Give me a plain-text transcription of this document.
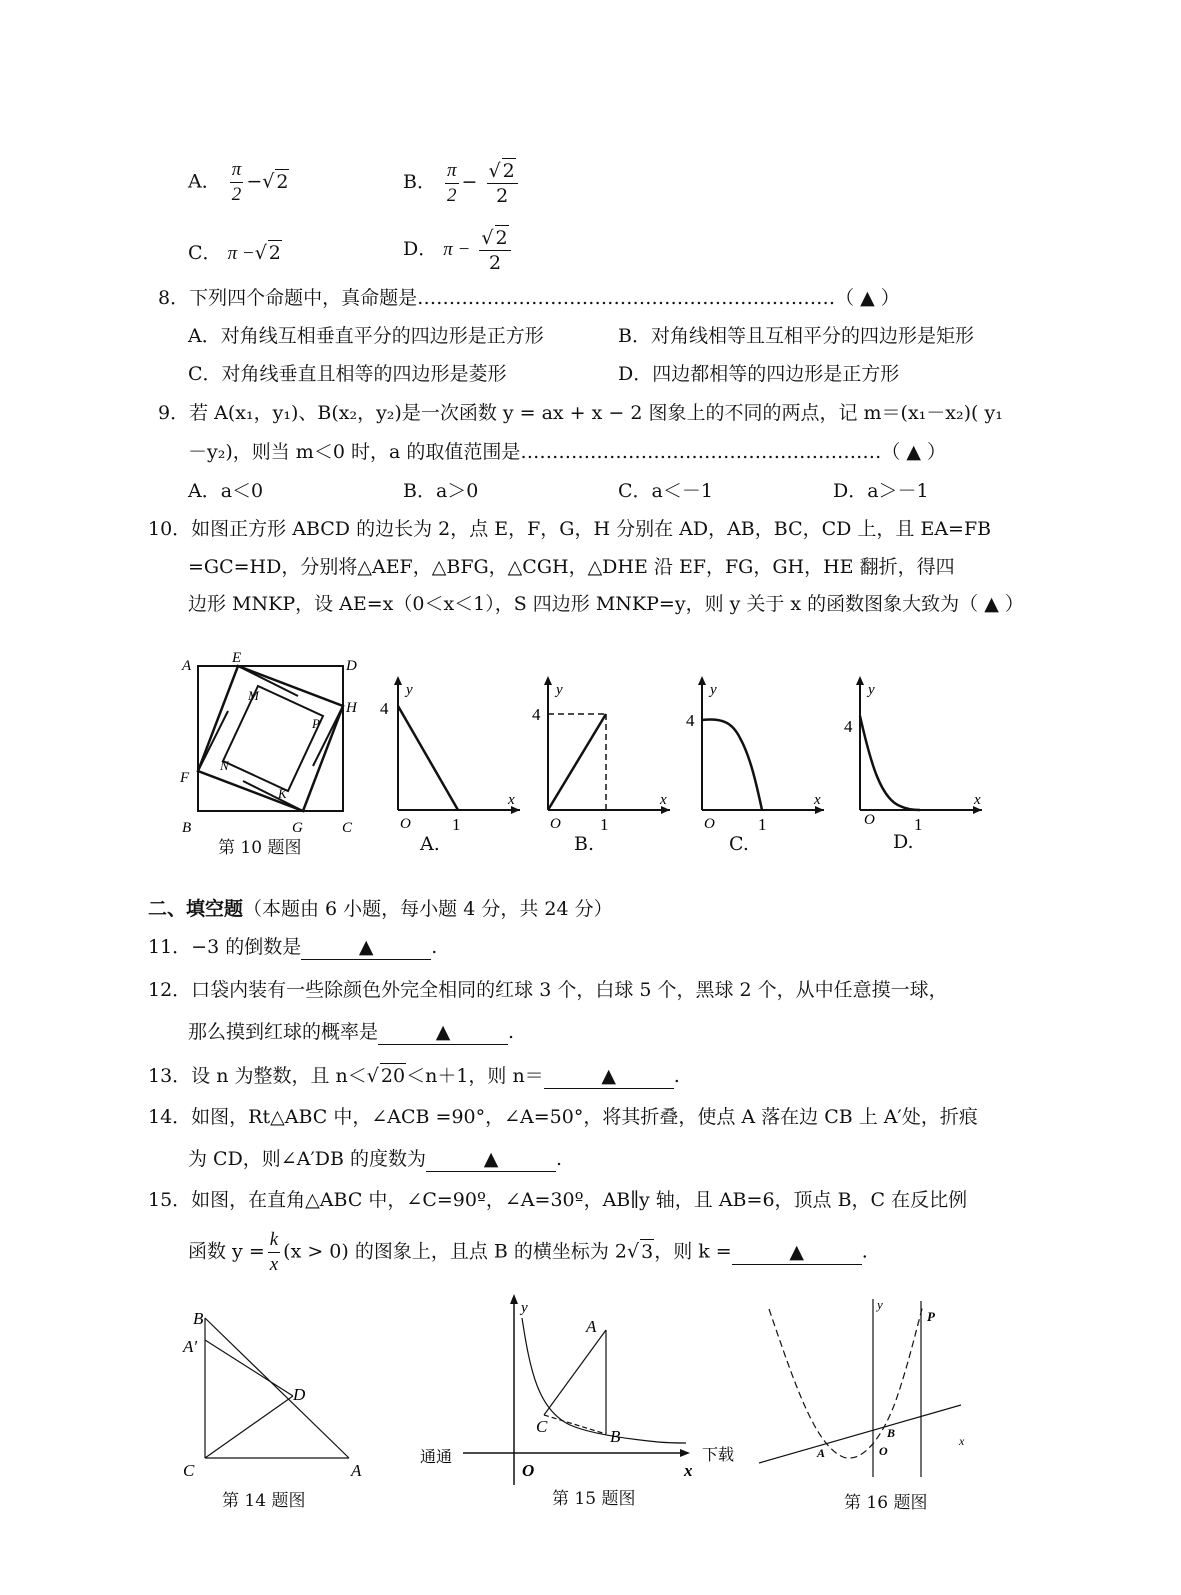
A． $\frac{\pi}{2}$ −√ 2	B． $\frac{\pi}{2} - \frac{√ 2}{2}$
C． π −√ 2	D． $\pi - \frac{√ 2}{2}$
8．下列四个命题中，真命题是…………………………………………………………（ ▲ ）
A．对角线互相垂直平分的四边形是正方形	B．对角线相等且互相平分的四边形是矩形
C．对角线垂直且相等的四边形是菱形	D．四边都相等的四边形是正方形
9．若 A(x₁，y₁)、B(x₂，y₂)是一次函数 y = ax + x − 2 图象上的不同的两点，记 m＝(x₁－x₂)( y₁
－y₂)，则当 m＜0 时，a 的取值范围是…………………………………………………（ ▲ ）
A．a＜0	B．a＞0	C．a＜－1	D．a＞－1
10．如图正方形 ABCD 的边长为 2，点 E，F，G，H 分别在 AD，AB，BC，CD 上，且 EA=FB
=GC=HD，分别将△AEF，△BFG，△CGH，△DHE 沿 EF，FG，GH，HE 翻折，得四
边形 MNKP，设 AE=x（0＜x＜1），S 四边形 MNKP=y，则 y 关于 x 的函数图象大致为（ ▲ ）
A	E	D
M
H
P
N
F
K
B	G	C
第 10 题图
y
4
O 1
x
y
4
O 1
x
y
4
O	1
x
y
4
O 1
x
A.	B.	C.	D.
二、填空题（本题由 6 小题，每小题 4 分，共 24 分）
11．−3 的倒数是	▲	.
12．口袋内装有一些除颜色外完全相同的红球 3 个，白球 5 个，黑球 2 个，从中任意摸一球，
那么摸到红球的概率是	▲	.
13．设 n 为整数，且 n＜√ 20＜n＋1，则 n＝	▲	.
14．如图，Rt△ABC 中，∠ACB =90°，∠A=50°，将其折叠，使点 A 落在边 CB 上 A′处，折痕
为 CD，则∠A′DB 的度数为	▲	.
15．如图，在直角△ABC 中，∠C=90º，∠A=30º，AB∥y 轴，且 AB=6，顶点 B，C 在反比例
函数 $y = \frac{k}{x} (x > 0)$ 的图象上，且点 B 的横坐标为 2√ 3，则 k =	▲	.
B
A′
D
C	A
第 14 题图
y
A
C
B
O	x
通通	下载
第 15 题图
y
P
B
A	O
x
第 16 题图
